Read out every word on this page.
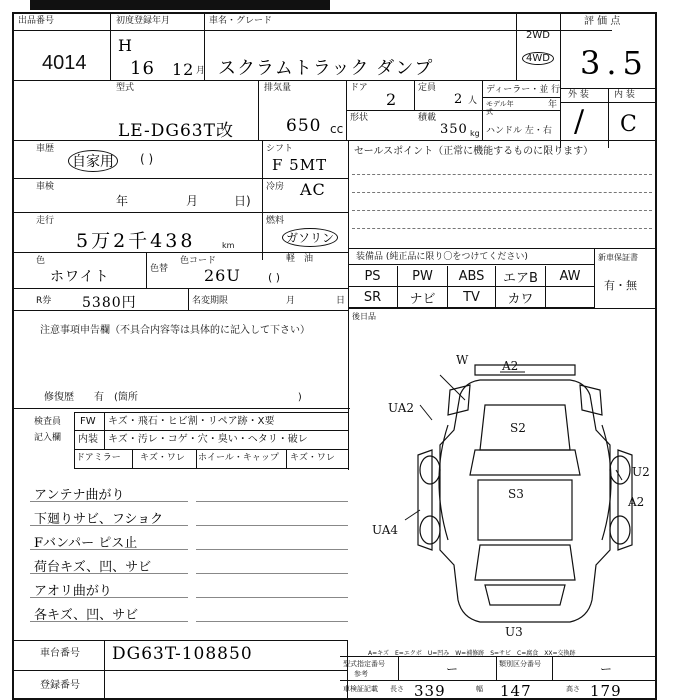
出品番号
4014
初度登録年月
H
16 12 月
車名・グレード
スクラムトラック ダンプ
2WD
4WD
評 価 点
3.5
型式
LE-DG63T改
排気量
650 cc
ドア
2
定員
2 人
ディーラー・並 行
モデル年式
年
形状	積載
350 kg ハンドル 左・右
外 装	内 装
/ C
車歴
自家用	( )
シフト
F 5MT
車検
年	月	日)
冷房 AC
走行
5万2千438	km
燃料
ガソリン
色
ホワイト	色替
色コード
26U
軽　油
( )
R券 5380円	名変期限	月	日
セールスポイント（正常に機能するものに限ります）
装備品 (純正品に限り〇をつけてください)	新車保証書
有・無
PS	PW	ABS	エアB	AW
SR	ナビ	TV	カワ
後日品
注意事項申告欄（不具合内容等は具体的に記入して下さい）
修復歴　　有　(箇所　　　　　　　　　　　　　　　　)
検査員
記入欄
FW キズ・飛石・ヒビ割・リペア跡・X要
内装 キズ・汚レ・コゲ・穴・臭い・ヘタリ・破レ
ドアミラー キズ・ワレ ホイール・キャップ キズ・ワレ
アンテナ曲がり
下廻りサビ、フショク
Fバンパー ピス止
荷台キズ、凹、サビ
アオリ曲がり
各キズ、凹、サビ
W	A2
UA2
S2
S3
U2
A2
UA4
U3
A=キズ　E=エクボ　U=凹み　W=補修跡　S=サビ　C=腐食　XX=交換跡
車台番号 DG63T-108850
登録番号
型式指定番号
参考	ー	類別区分番号	ー
車検証記載 長さ 339	幅 147	高さ 179
